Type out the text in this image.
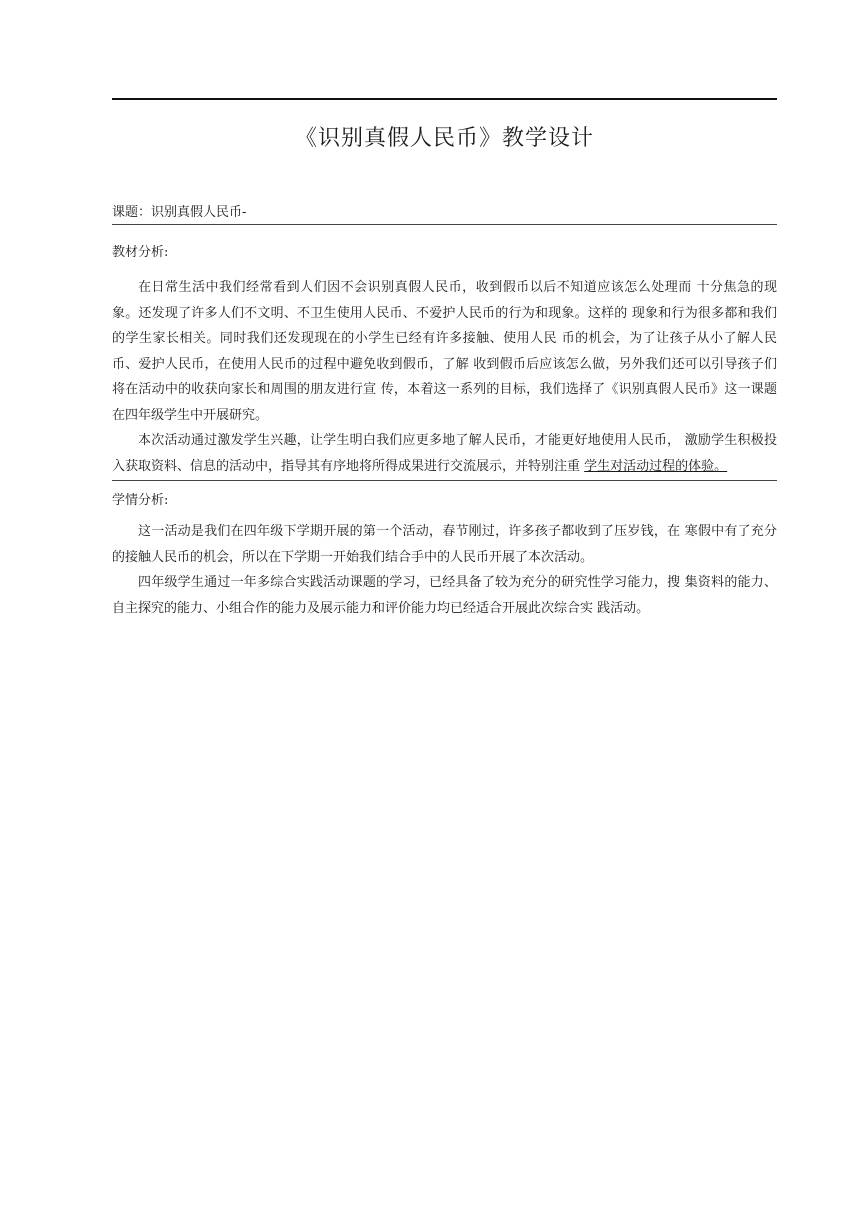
《识别真假人民币》教学设计
课题：识别真假人民币-
教材分析:

在日常生活中我们经常看到人们因不会识别真假人民币，收到假币以后不知道应该怎么处理而 十分焦急的现象。还发现了许多人们不文明、不卫生使用人民币、不爱护人民币的行为和现象。这样的 现象和行为很多都和我们的学生家长相关。同时我们还发现现在的小学生已经有许多接触、使用人民 币的机会，为了让孩子从小了解人民币、爱护人民币，在使用人民币的过程中避免收到假币，了解 收到假币后应该怎么做，另外我们还可以引导孩子们将在活动中的收获向家长和周围的朋友进行宣 传，本着这一系列的目标，我们选择了《识别真假人民币》这一课题在四年级学生中开展研究。

本次活动通过激发学生兴趣，让学生明白我们应更多地了解人民币，才能更好地使用人民币， 激励学生积极投入获取资料、信息的活动中，指导其有序地将所得成果进行交流展示，并特别注重 学生对活动过程的体验。

学情分析:

这一活动是我们在四年级下学期开展的第一个活动，春节刚过，许多孩子都收到了压岁钱，在 寒假中有了充分的接触人民币的机会，所以在下学期一开始我们结合手中的人民币开展了本次活动。

四年级学生通过一年多综合实践活动课题的学习，已经具备了较为充分的研究性学习能力，搜 集资料的能力、自主探究的能力、小组合作的能力及展示能力和评价能力均已经适合开展此次综合实 践活动。
